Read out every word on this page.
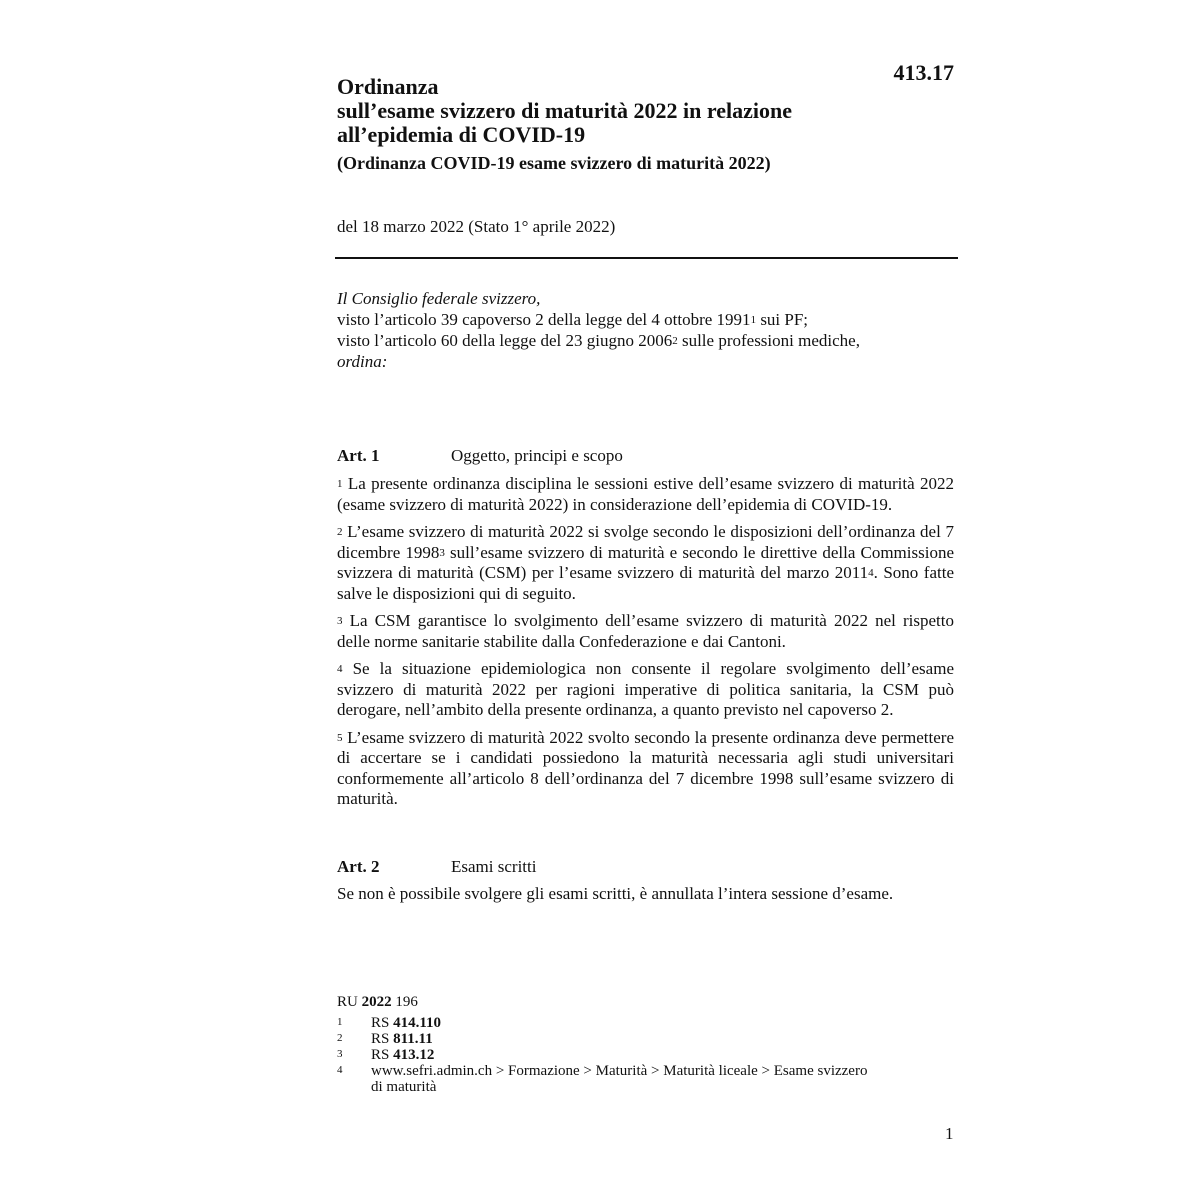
413.17
Ordinanza
sull’esame svizzero di maturità 2022 in relazione
all’epidemia di COVID-19
(Ordinanza COVID-19 esame svizzero di maturità 2022)
del 18 marzo 2022 (Stato 1° aprile 2022)
Il Consiglio federale svizzero,
visto l’articolo 39 capoverso 2 della legge del 4 ottobre 1991$^1$ sui PF;
visto l’articolo 60 della legge del 23 giugno 2006$^2$ sulle professioni mediche,
ordina:
Art. 1	Oggetto, principi e scopo

$^1$ La presente ordinanza disciplina le sessioni estive dell’esame svizzero di maturità 2022 (esame svizzero di maturità 2022) in considerazione dell’epidemia di COVID-19.

$^2$ L’esame svizzero di maturità 2022 si svolge secondo le disposizioni dell’ordinanza del 7 dicembre 1998$^3$ sull’esame svizzero di maturità e secondo le direttive della Commissione svizzera di maturità (CSM) per l’esame svizzero di maturità del marzo 2011$^4$. Sono fatte salve le disposizioni qui di seguito.

$^3$ La CSM garantisce lo svolgimento dell’esame svizzero di maturità 2022 nel rispetto delle norme sanitarie stabilite dalla Confederazione e dai Cantoni.

$^4$ Se la situazione epidemiologica non consente il regolare svolgimento dell’esame svizzero di maturità 2022 per ragioni imperative di politica sanitaria, la CSM può derogare, nell’ambito della presente ordinanza, a quanto previsto nel capoverso 2.

$^5$ L’esame svizzero di maturità 2022 svolto secondo la presente ordinanza deve permettere di accertare se i candidati possiedono la maturità necessaria agli studi universitari conformemente all’articolo 8 dell’ordinanza del 7 dicembre 1998 sull’esame svizzero di maturità.

Art. 2	Esami scritti

Se non è possibile svolgere gli esami scritti, è annullata l’intera sessione d’esame.

RU 2022 196
1	RS 414.110
2	RS 811.11
3	RS 413.12
4	www.sefri.admin.ch > Formazione > Maturità > Maturità liceale > Esame svizzero
di maturità
1
